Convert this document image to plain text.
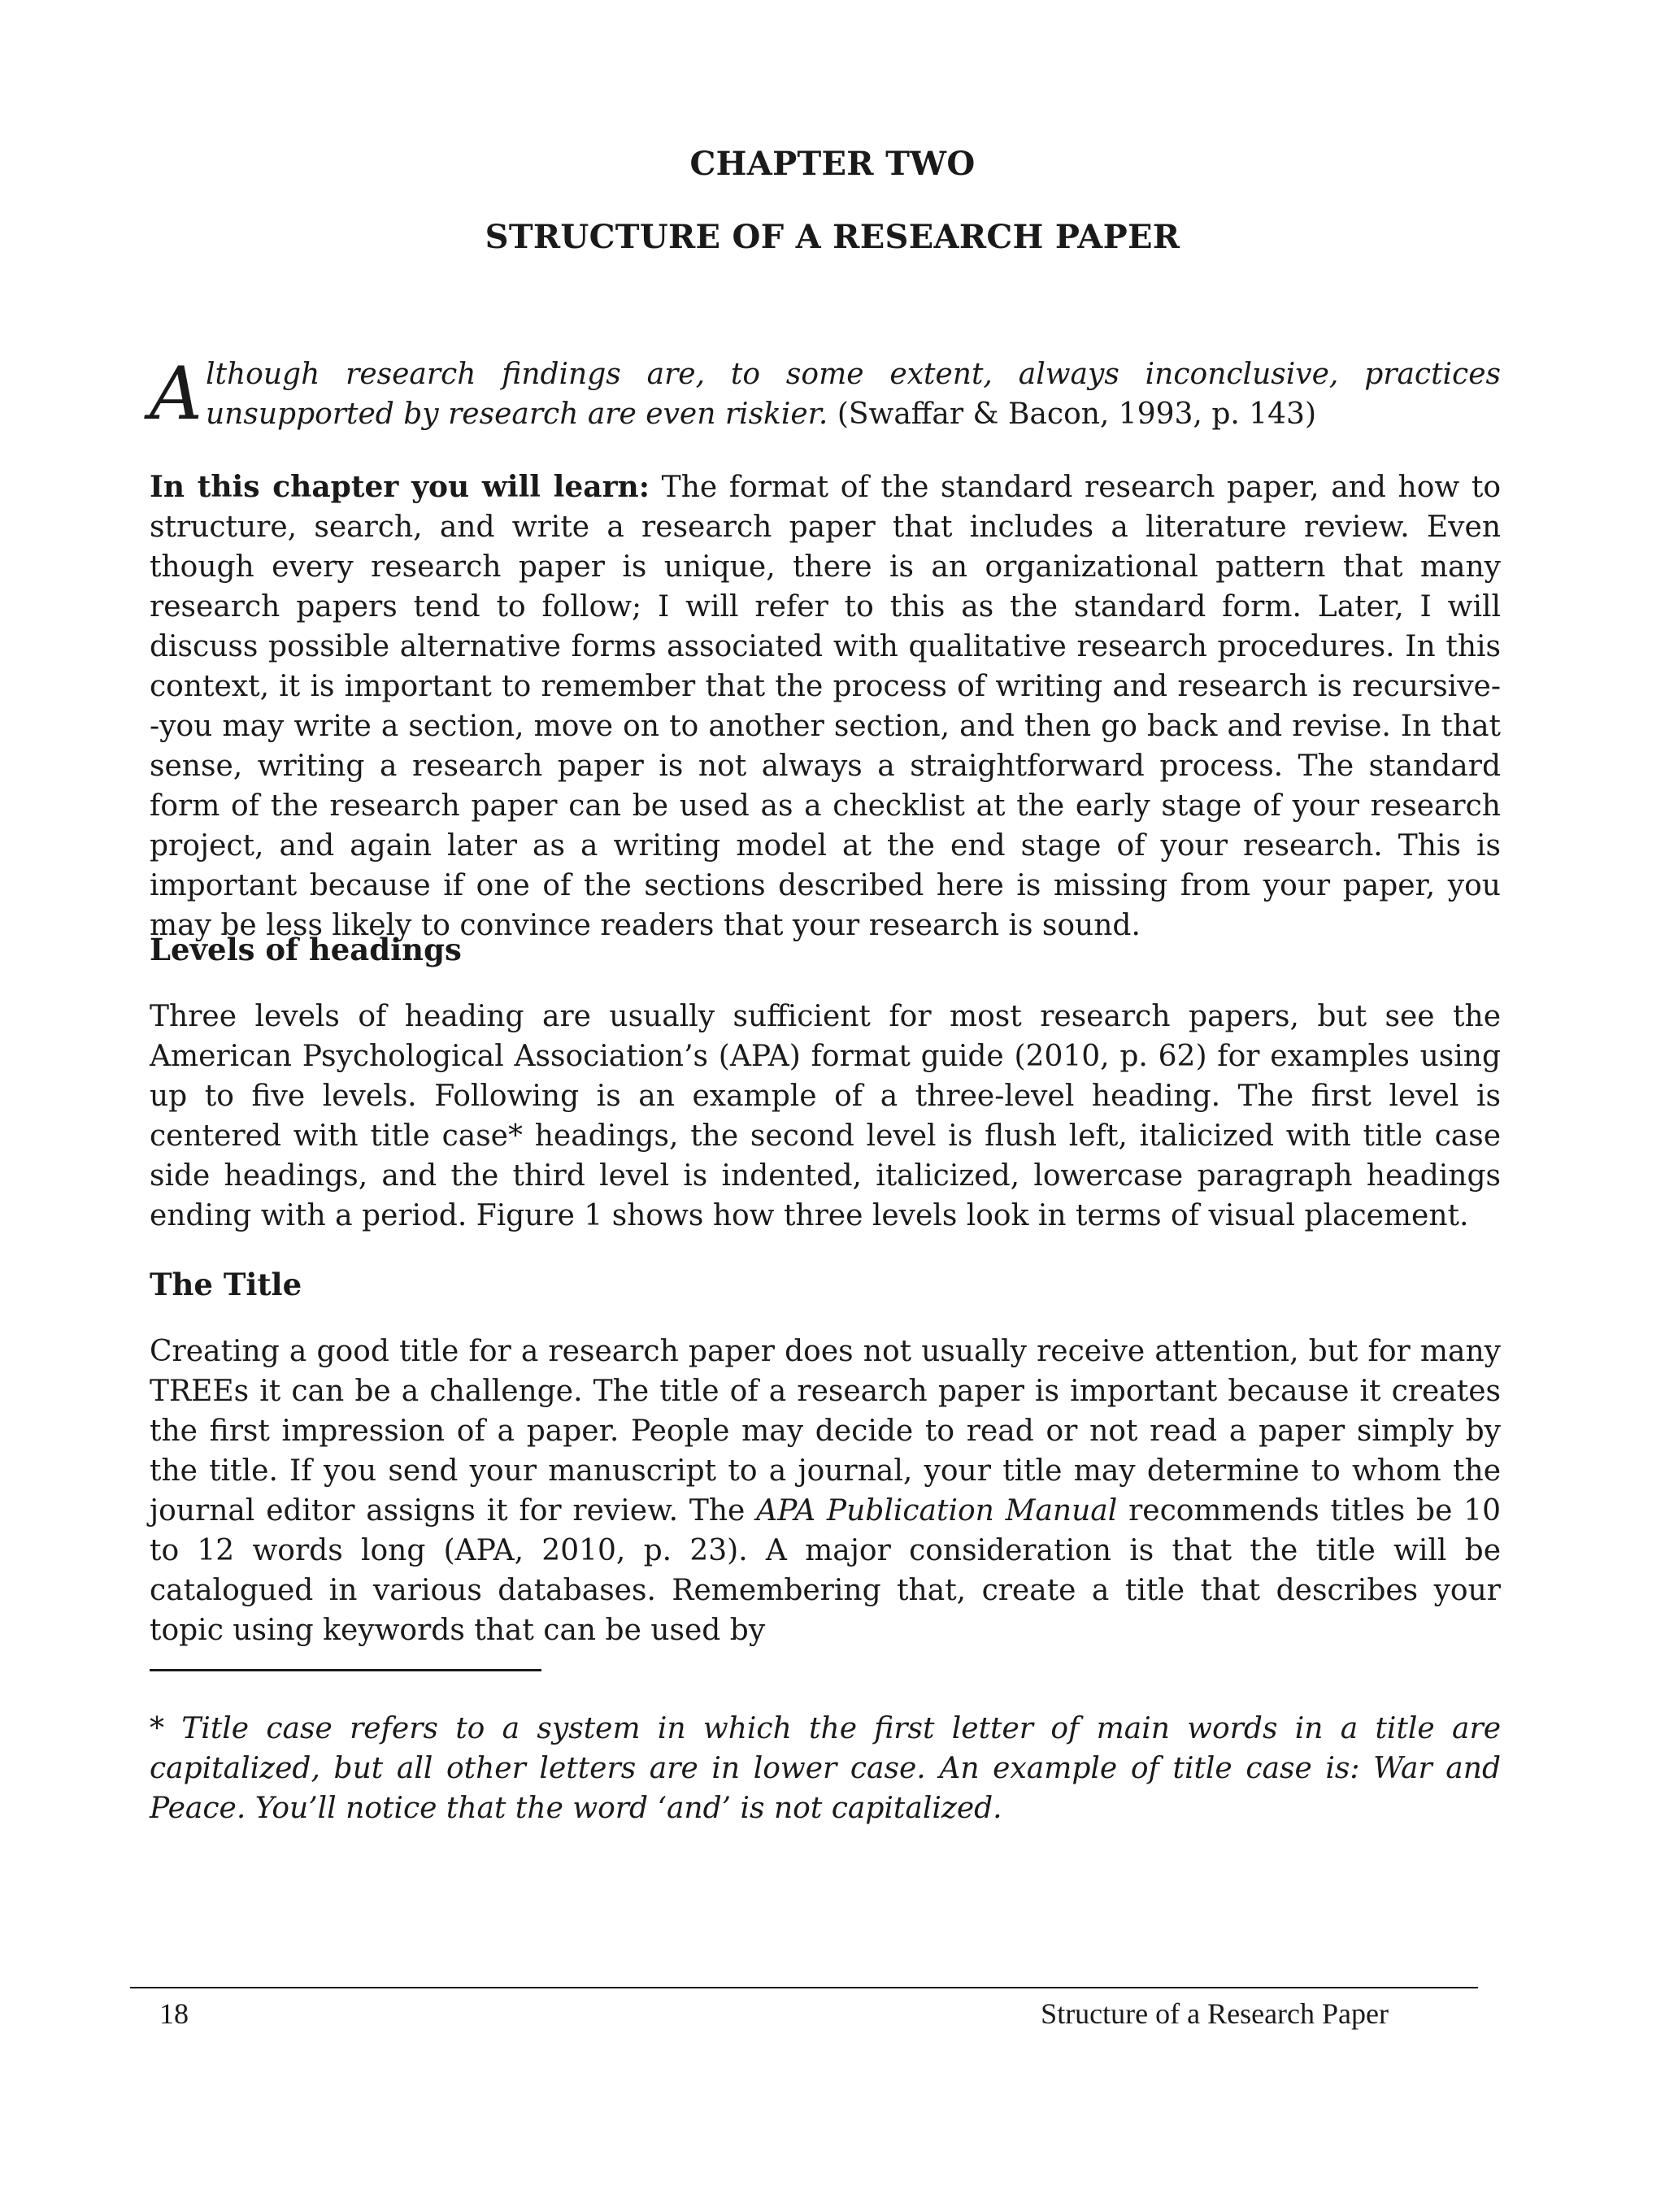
CHAPTER TWO
STRUCTURE OF A RESEARCH PAPER
Although research findings are, to some extent, always inconclusive, practices unsupported by research are even riskier. (Swaffar & Bacon, 1993, p. 143)
In this chapter you will learn: The format of the standard research paper, and how to structure, search, and write a research paper that includes a literature review. Even though every research paper is unique, there is an organizational pattern that many research papers tend to follow; I will refer to this as the standard form. Later, I will discuss possible alternative forms associated with qualitative research procedures. In this context, it is important to remember that the process of writing and research is recursive--you may write a section, move on to another section, and then go back and revise. In that sense, writing a research paper is not always a straightforward process. The standard form of the research paper can be used as a checklist at the early stage of your research project, and again later as a writing model at the end stage of your research. This is important because if one of the sections described here is missing from your paper, you may be less likely to convince readers that your research is sound.
Levels of headings
Three levels of heading are usually sufficient for most research papers, but see the American Psychological Association’s (APA) format guide (2010, p. 62) for examples using up to five levels. Following is an example of a three-level heading. The first level is centered with title case* headings, the second level is flush left, italicized with title case side headings, and the third level is indented, italicized, lowercase paragraph headings ending with a period. Figure 1 shows how three levels look in terms of visual placement.
The Title
Creating a good title for a research paper does not usually receive attention, but for many TREEs it can be a challenge. The title of a research paper is important because it creates the first impression of a paper. People may decide to read or not read a paper simply by the title. If you send your manuscript to a journal, your title may determine to whom the journal editor assigns it for review. The APA Publication Manual recommends titles be 10 to 12 words long (APA, 2010, p. 23). A major consideration is that the title will be catalogued in various databases. Remembering that, create a title that describes your topic using keywords that can be used by
* Title case refers to a system in which the first letter of main words in a title are capitalized, but all other letters are in lower case. An example of title case is: War and Peace. You’ll notice that the word ‘and’ is not capitalized.
18	Structure of a Research Paper
